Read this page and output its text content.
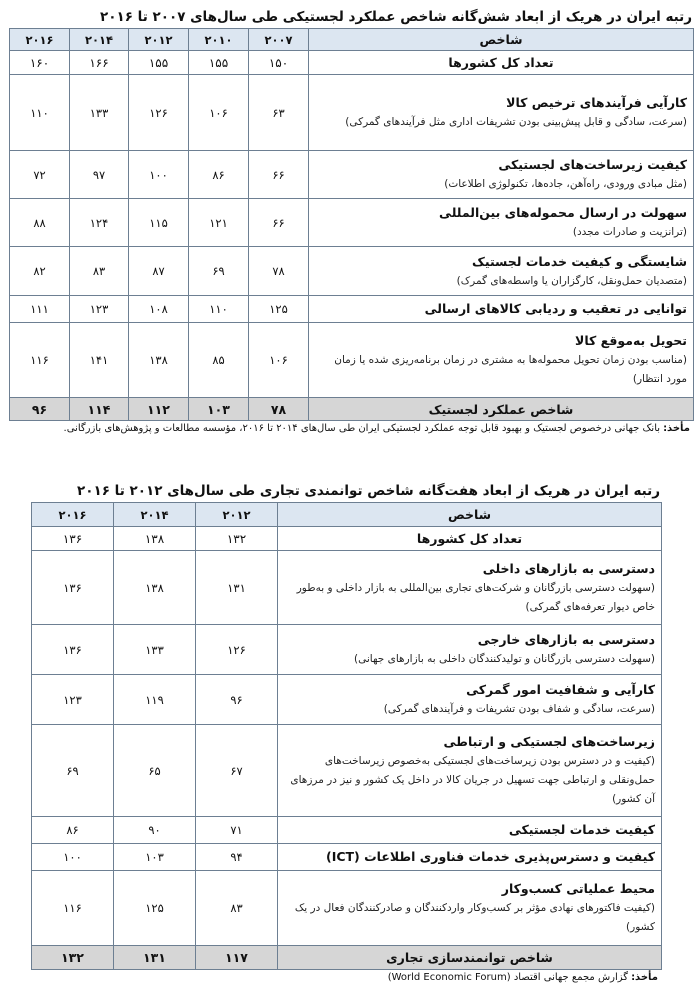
رتبه ایران در هریک از ابعاد شش‌گانه شاخص عملکرد لجستیکی طی سال‌های ۲۰۰۷ تا ۲۰۱۶
شاخص	۲۰۰۷	۲۰۱۰	۲۰۱۲	۲۰۱۴	۲۰۱۶
تعداد کل کشورها	۱۵۰	۱۵۵	۱۵۵	۱۶۶	۱۶۰

کارآیی فرآیندهای ترخیص کالا
(سرعت، سادگی و قابل پیش‌بینی بودن تشریفات اداری مثل فرآیندهای گمرکی)	۶۳	۱۰۶	۱۲۶	۱۳۳	۱۱۰

کیفیت زیرساخت‌های لجستیکی
(مثل مبادی ورودی، راه‌آهن، جاده‌ها، تکنولوژی اطلاعات)	۶۶	۸۶	۱۰۰	۹۷	۷۲

سهولت در ارسال محموله‌های بین‌المللی
(ترانزیت و صادرات مجدد)	۶۶	۱۲۱	۱۱۵	۱۲۴	۸۸

شایستگی و کیفیت خدمات لجستیک
(متصدیان حمل‌ونقل، کارگزاران یا واسطه‌های گمرک)	۷۸	۶۹	۸۷	۸۳	۸۲

توانایی در تعقیب و ردیابی کالاهای ارسالی	۱۲۵	۱۱۰	۱۰۸	۱۲۳	۱۱۱

تحویل به‌موقع کالا
(مناسب بودن زمان تحویل محموله‌ها به مشتری در زمان برنامه‌ریزی شده یا زمان مورد انتظار)	۱۰۶	۸۵	۱۳۸	۱۴۱	۱۱۶
شاخص عملکرد لجستیک	۷۸	۱۰۳	۱۱۲	۱۱۴	۹۶
مأخذ:بانک جهانی درخصوص لجستیک و بهبود قابل توجه عملکرد لجستیکی ایران طی سال‌های ۲۰۱۴ تا ۲۰۱۶، مؤسسه مطالعات و پژوهش‌های بازرگانی.
رتبه ایران در هریک از ابعاد هفت‌گانه شاخص توانمندی تجاری طی سال‌های ۲۰۱۲ تا ۲۰۱۶
شاخص	۲۰۱۲	۲۰۱۴	۲۰۱۶
تعداد کل کشورها	۱۳۲	۱۳۸	۱۳۶

دسترسی به بازارهای داخلی
(سهولت دسترسی بازرگانان و شرکت‌های تجاری بین‌المللی به بازار داخلی و به‌طور خاص دیوار تعرفه‌های گمرکی)	۱۳۱	۱۳۸	۱۳۶

دسترسی به بازارهای خارجی
(سهولت دسترسی بازرگانان و تولیدکنندگان داخلی به بازارهای جهانی)	۱۲۶	۱۳۳	۱۳۶

کارآیی و شفافیت امور گمرکی
(سرعت، سادگی و شفاف بودن تشریفات و فرآیندهای گمرکی)	۹۶	۱۱۹	۱۲۳

زیرساخت‌های لجستیکی و ارتباطی
(کیفیت و در دسترس بودن زیرساخت‌های لجستیکی به‌خصوص زیرساخت‌های حمل‌ونقلی و ارتباطی جهت تسهیل در جریان کالا در داخل یک کشور و نیز در مرزهای آن کشور)	۶۷	۶۵	۶۹

کیفیت خدمات لجستیکی	۷۱	۹۰	۸۶

کیفیت و دسترس‌پذیری خدمات فناوری اطلاعات (ICT)	۹۴	۱۰۳	۱۰۰

محیط عملیاتی کسب‌وکار
(کیفیت فاکتورهای نهادی مؤثر بر کسب‌وکار واردکنندگان و صادرکنندگان فعال در یک کشور)	۸۳	۱۲۵	۱۱۶
شاخص توانمندسازی تجاری	۱۱۷	۱۳۱	۱۳۲
مأخذ:گزارش مجمع جهانی اقتصاد (World Economic Forum)
